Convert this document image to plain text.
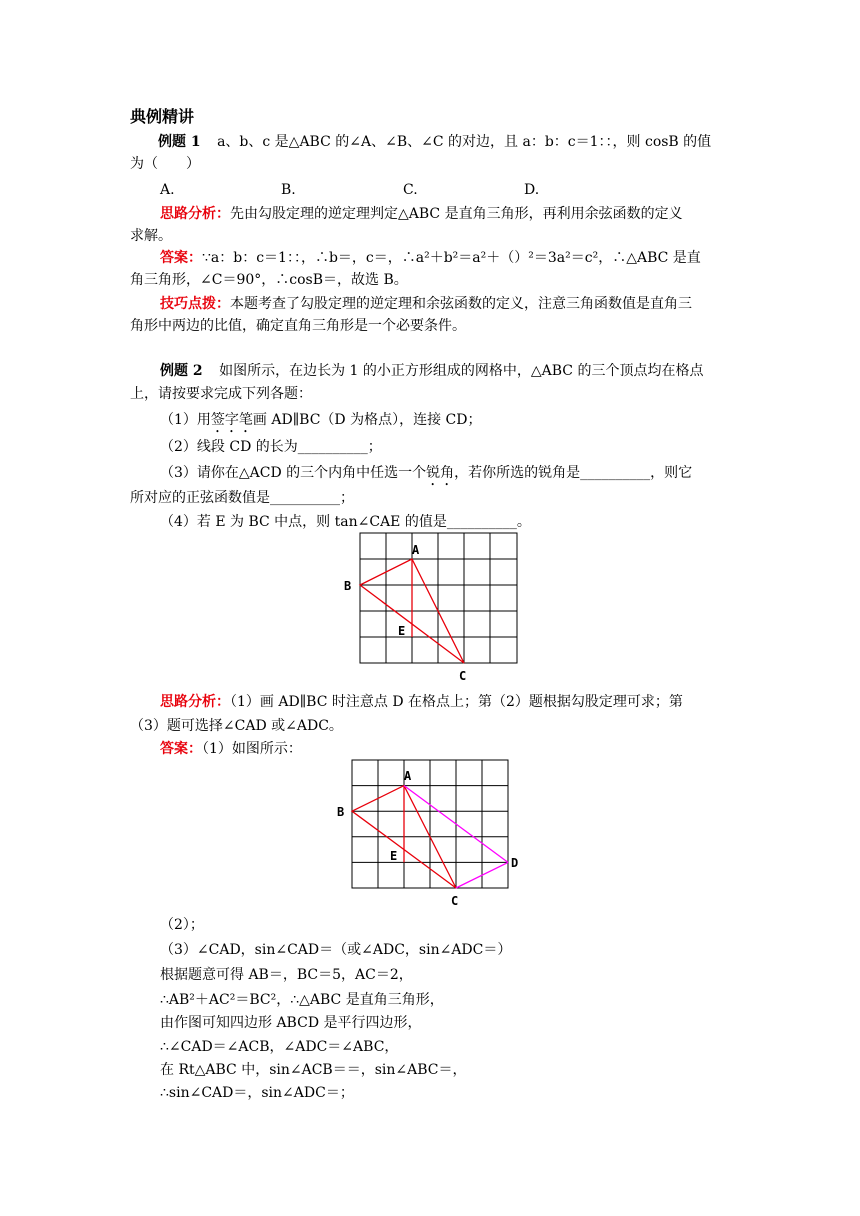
典例精讲
例题 1 a、b、c 是△ABC 的∠A、∠B、∠C 的对边，且 a：b：c＝1：：，则 cosB 的值
为（　　）
A.	B.	C.	D.
思路分析：先由勾股定理的逆定理判定△ABC 是直角三角形，再利用余弦函数的定义
求解。
答案：∵a：b：c＝1：：，∴b＝，c＝，∴a²＋b²＝a²＋（）²＝3a²＝c²，∴△ABC 是直
角三角形，∠C＝90°，∴cosB＝，故选 B。
技巧点拨：本题考查了勾股定理的逆定理和余弦函数的定义，注意三角函数值是直角三
角形中两边的比值，确定直角三角形是一个必要条件。
例题 2 如图所示，在边长为 1 的小正方形组成的网格中，△ABC 的三个顶点均在格点
上，请按要求完成下列各题：
（1）用签字笔画 AD∥BC（D 为格点），连接 CD；
（2）线段 CD 的长为__________；
（3）请你在△ACD 的三个内角中任选一个锐角，若你所选的锐角是__________，则它
所对应的正弦函数值是__________；
（4）若 E 为 BC 中点，则 tan∠CAE 的值是__________。
A
B
C
E
思路分析：（1）画 AD∥BC 时注意点 D 在格点上；第（2）题根据勾股定理可求；第
（3）题可选择∠CAD 或∠ADC。
答案：（1）如图所示：
A
B
C
D
E
（2）；
（3）∠CAD，sin∠CAD＝（或∠ADC，sin∠ADC＝）
根据题意可得 AB＝，BC＝5，AC＝2，
∴AB²＋AC²＝BC²，∴△ABC 是直角三角形，
由作图可知四边形 ABCD 是平行四边形，
∴∠CAD＝∠ACB，∠ADC＝∠ABC，
在 Rt△ABC 中，sin∠ACB＝＝，sin∠ABC＝，
∴sin∠CAD＝，sin∠ADC＝；
